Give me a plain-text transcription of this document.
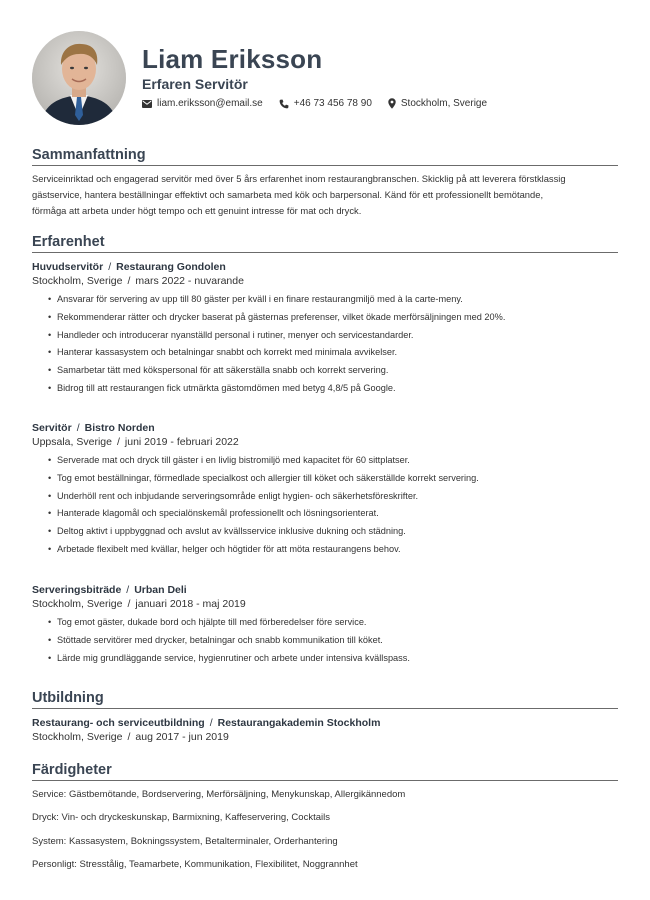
Liam Eriksson
Erfaren Servitör
liam.eriksson@email.se	+46 73 456 78 90	Stockholm, Sverige
Sammanfattning
Serviceinriktad och engagerad servitör med över 5 års erfarenhet inom restaurangbranschen. Skicklig på att leverera förstklassig
gästservice, hantera beställningar effektivt och samarbeta med kök och barpersonal. Känd för ett professionellt bemötande,
förmåga att arbeta under högt tempo och ett genuint intresse för mat och dryck.
Erfarenhet
Huvudservitör / Restaurang Gondolen
Stockholm, Sverige / mars 2022 - nuvarande
• Ansvarar för servering av upp till 80 gäster per kväll i en finare restaurangmiljö med à la carte-meny.
• Rekommenderar rätter och drycker baserat på gästernas preferenser, vilket ökade merförsäljningen med 20%.
• Handleder och introducerar nyanställd personal i rutiner, menyer och servicestandarder.
• Hanterar kassasystem och betalningar snabbt och korrekt med minimala avvikelser.
• Samarbetar tätt med kökspersonal för att säkerställa snabb och korrekt servering.
• Bidrog till att restaurangen fick utmärkta gästomdömen med betyg 4,8/5 på Google.
Servitör / Bistro Norden
Uppsala, Sverige / juni 2019 - februari 2022
• Serverade mat och dryck till gäster i en livlig bistromiljö med kapacitet för 60 sittplatser.
• Tog emot beställningar, förmedlade specialkost och allergier till köket och säkerställde korrekt servering.
• Underhöll rent och inbjudande serveringsområde enligt hygien- och säkerhetsföreskrifter.
• Hanterade klagomål och specialönskemål professionellt och lösningsorienterat.
• Deltog aktivt i uppbyggnad och avslut av kvällsservice inklusive dukning och städning.
• Arbetade flexibelt med kvällar, helger och högtider för att möta restaurangens behov.
Serveringsbiträde / Urban Deli
Stockholm, Sverige / januari 2018 - maj 2019
• Tog emot gäster, dukade bord och hjälpte till med förberedelser före service.
• Stöttade servitörer med drycker, betalningar och snabb kommunikation till köket.
• Lärde mig grundläggande service, hygienrutiner och arbete under intensiva kvällspass.
Utbildning
Restaurang- och serviceutbildning / Restaurangakademin Stockholm
Stockholm, Sverige / aug 2017 - jun 2019
Färdigheter
Service: Gästbemötande, Bordservering, Merförsäljning, Menykunskap, Allergikännedom
Dryck: Vin- och dryckeskunskap, Barmixning, Kaffeservering, Cocktails
System: Kassasystem, Bokningssystem, Betalterminaler, Orderhantering
Personligt: Stresstålig, Teamarbete, Kommunikation, Flexibilitet, Noggrannhet
